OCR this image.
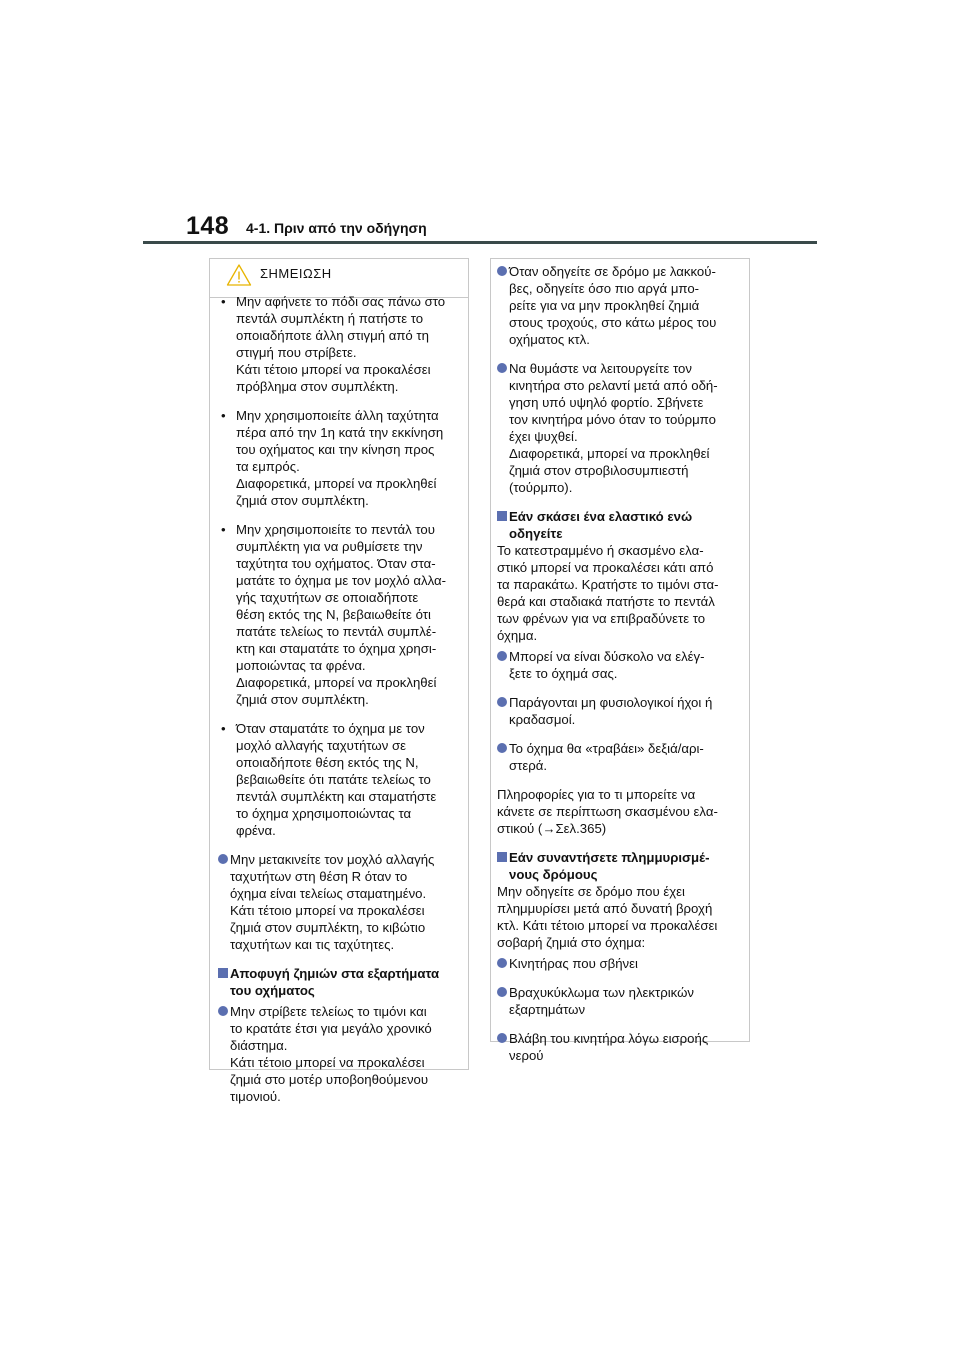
148 4-1. Πριν από την οδήγηση
ΣΗΜΕΙΩΣΗ
• Μην αφήνετε το πόδι σας πάνω στο
πεντάλ συμπλέκτη ή πατήστε το
οποιαδήποτε άλλη στιγμή από τη
στιγμή που στρίβετε.
Κάτι τέτοιο μπορεί να προκαλέσει
πρόβλημα στον συμπλέκτη.
• Μην χρησιμοποιείτε άλλη ταχύτητα
πέρα από την 1η κατά την εκκίνηση
του οχήματος και την κίνηση προς
τα εμπρός.
Διαφορετικά, μπορεί να προκληθεί
ζημιά στον συμπλέκτη.
• Μην χρησιμοποιείτε το πεντάλ του
συμπλέκτη για να ρυθμίσετε την
ταχύτητα του οχήματος. Όταν στα-
ματάτε το όχημα με τον μοχλό αλλα-
γής ταχυτήτων σε οποιαδήποτε
θέση εκτός της N, βεβαιωθείτε ότι
πατάτε τελείως το πεντάλ συμπλέ-
κτη και σταματάτε το όχημα χρησι-
μοποιώντας τα φρένα.
Διαφορετικά, μπορεί να προκληθεί
ζημιά στον συμπλέκτη.
• Όταν σταματάτε το όχημα με τον
μοχλό αλλαγής ταχυτήτων σε
οποιαδήποτε θέση εκτός της N,
βεβαιωθείτε ότι πατάτε τελείως το
πεντάλ συμπλέκτη και σταματήστε
το όχημα χρησιμοποιώντας τα
φρένα.
Μην μετακινείτε τον μοχλό αλλαγής
ταχυτήτων στη θέση R όταν το
όχημα είναι τελείως σταματημένο.
Κάτι τέτοιο μπορεί να προκαλέσει
ζημιά στον συμπλέκτη, το κιβώτιο
ταχυτήτων και τις ταχύτητες.
Αποφυγή ζημιών στα εξαρτήματα
του οχήματος
Μην στρίβετε τελείως το τιμόνι και
το κρατάτε έτσι για μεγάλο χρονικό
διάστημα.
Κάτι τέτοιο μπορεί να προκαλέσει
ζημιά στο μοτέρ υποβοηθούμενου
τιμονιού.
Όταν οδηγείτε σε δρόμο με λακκού-
βες, οδηγείτε όσο πιο αργά μπο-
ρείτε για να μην προκληθεί ζημιά
στους τροχούς, στο κάτω μέρος του
οχήματος κτλ.
Να θυμάστε να λειτουργείτε τον
κινητήρα στο ρελαντί μετά από οδή-
γηση υπό υψηλό φορτίο. Σβήνετε
τον κινητήρα μόνο όταν το τούρμπο
έχει ψυχθεί.
Διαφορετικά, μπορεί να προκληθεί
ζημιά στον στροβιλοσυμπιεστή
(τούρμπο).
Εάν σκάσει ένα ελαστικό ενώ
οδηγείτε
Το κατεστραμμένο ή σκασμένο ελα-
στικό μπορεί να προκαλέσει κάτι από
τα παρακάτω. Κρατήστε το τιμόνι στα-
θερά και σταδιακά πατήστε το πεντάλ
των φρένων για να επιβραδύνετε το
όχημα.
Μπορεί να είναι δύσκολο να ελέγ-
ξετε το όχημά σας.
Παράγονται μη φυσιολογικοί ήχοι ή
κραδασμοί.
Το όχημα θα «τραβάει» δεξιά/αρι-
στερά.
Πληροφορίες για το τι μπορείτε να
κάνετε σε περίπτωση σκασμένου ελα-
στικού (→Σελ.365)
Εάν συναντήσετε πλημμυρισμέ-
νους δρόμους
Μην οδηγείτε σε δρόμο που έχει
πλημμυρίσει μετά από δυνατή βροχή
κτλ. Κάτι τέτοιο μπορεί να προκαλέσει
σοβαρή ζημιά στο όχημα:
Κινητήρας που σβήνει
Βραχυκύκλωμα των ηλεκτρικών
εξαρτημάτων
Βλάβη του κινητήρα λόγω εισροής
νερού
